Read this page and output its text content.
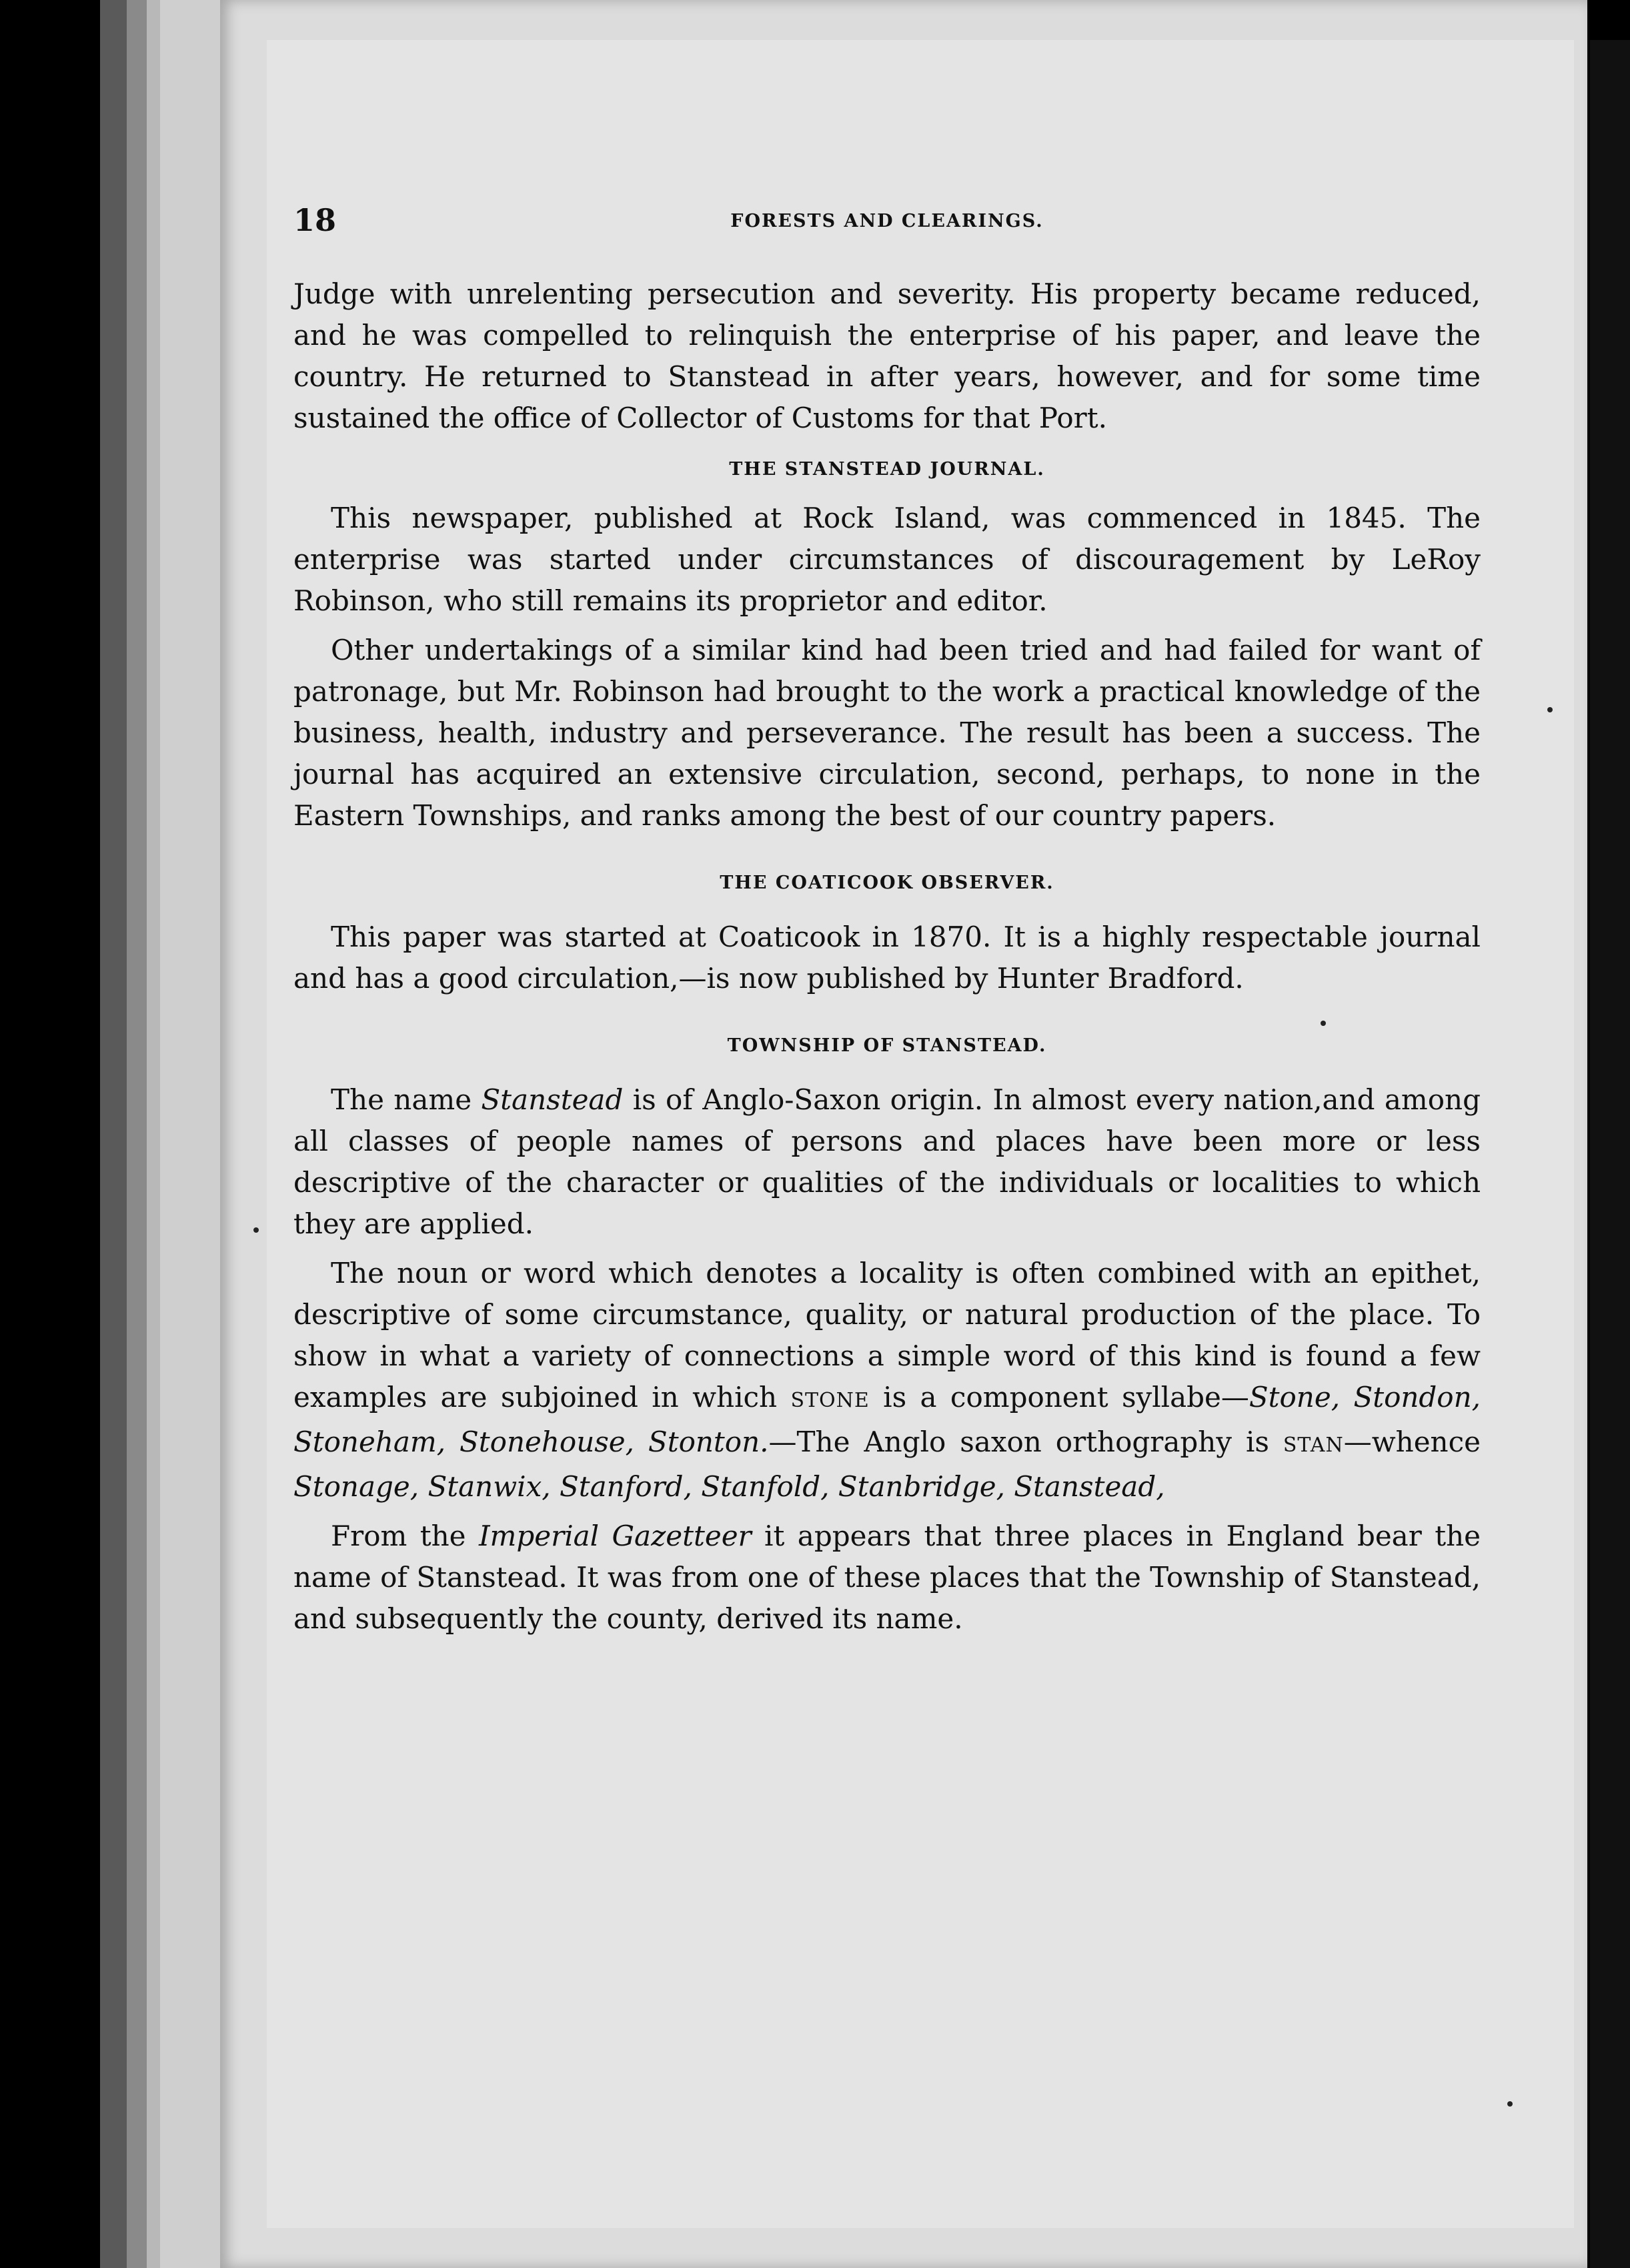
18	FORESTS AND CLEARINGS.

Judge with unrelenting persecution and severity. His property became reduced, and he was compelled to relinquish the enterprise of his paper, and leave the country. He returned to Stanstead in after years, however, and for some time sustained the office of Collector of Customs for that Port.

THE STANSTEAD JOURNAL.

This newspaper, published at Rock Island, was commenced in 1845. The enterprise was started under circumstances of discouragement by LeRoy Robinson, who still remains its proprietor and editor.

Other undertakings of a similar kind had been tried and had failed for want of patronage, but Mr. Robinson had brought to the work a practical knowledge of the business, health, industry and perseverance. The result has been a success. The journal has acquired an extensive circulation, second, perhaps, to none in the Eastern Townships, and ranks among the best of our country papers.

THE COATICOOK OBSERVER.

This paper was started at Coaticook in 1870. It is a highly respectable journal and has a good circulation,—is now published by Hunter Bradford.

TOWNSHIP OF STANSTEAD.

The name Stanstead is of Anglo-Saxon origin. In almost every nation,and among all classes of people names of persons and places have been more or less descriptive of the character or qualities of the individuals or localities to which they are applied.

The noun or word which denotes a locality is often combined with an epithet, descriptive of some circumstance, quality, or natural production of the place. To show in what a variety of connections a simple word of this kind is found a few examples are subjoined in which STONE is a component syllabe—Stone, Stondon, Stoneham, Stonehouse, Stonton.—The Anglo saxon orthography is STAN—whence Stonage, Stanwix, Stanford, Stanfold, Stanbridge, Stanstead,

From the Imperial Gazetteer it appears that three places in England bear the name of Stanstead. It was from one of these places that the Township of Stanstead, and subsequently the county, derived its name.
